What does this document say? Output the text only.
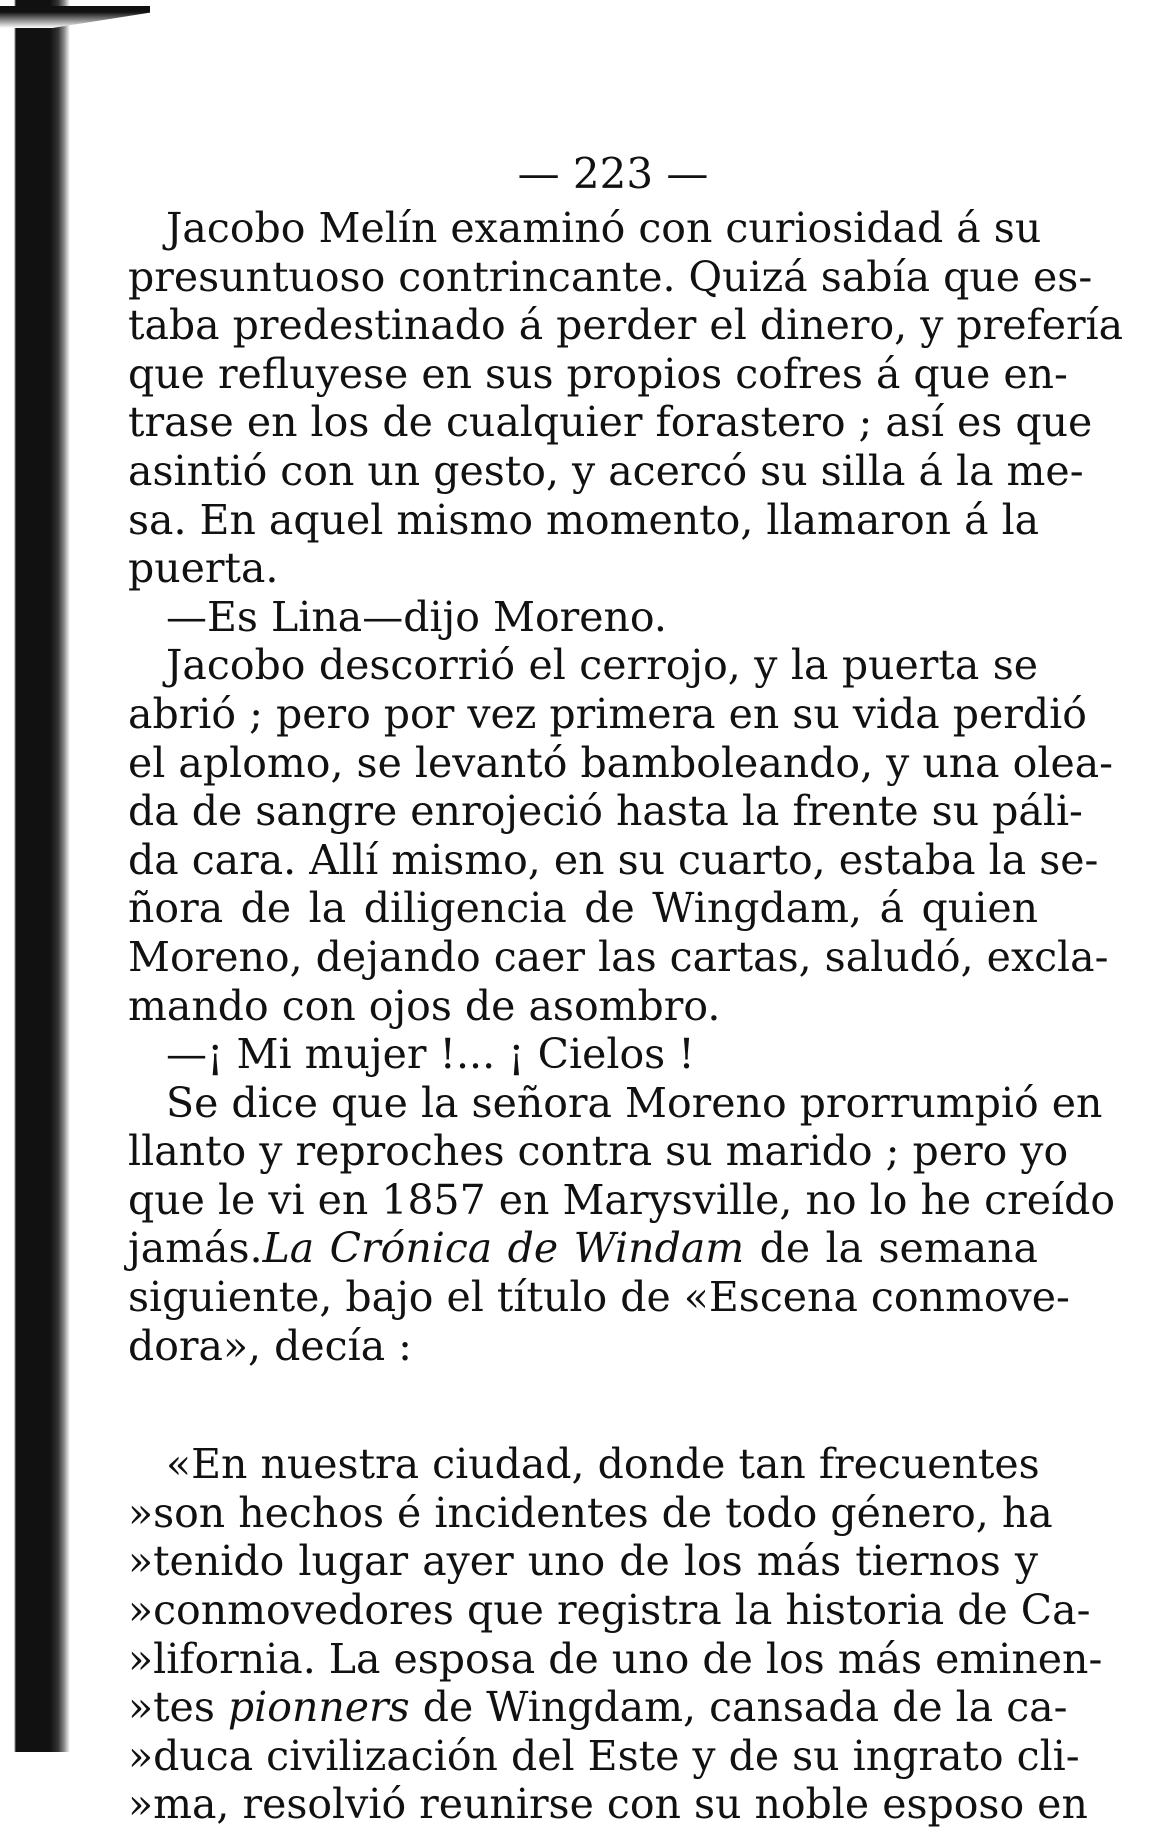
— 223 —
Jacobo Melín examinó con curiosidad á su
presuntuoso contrincante. Quizá sabía que es-
taba predestinado á perder el dinero, y prefería
que refluyese en sus propios cofres á que en-
trase en los de cualquier forastero ; así es que
asintió con un gesto, y acercó su silla á la me-
sa. En aquel mismo momento, llamaron á la
puerta.
—Es Lina—dijo Moreno.
Jacobo descorrió el cerrojo, y la puerta se
abrió ; pero por vez primera en su vida perdió
el aplomo, se levantó bamboleando, y una olea-
da de sangre enrojeció hasta la frente su páli-
da cara. Allí mismo, en su cuarto, estaba la se-
ñora de la diligencia de Wingdam, á quien
Moreno, dejando caer las cartas, saludó, excla-
mando con ojos de asombro.
—¡ Mi mujer !... ¡ Cielos !
Se dice que la señora Moreno prorrumpió en
llanto y reproches contra su marido ; pero yo
que le vi en 1857 en Marysville, no lo he creído
jamás.La Crónica de Windam de la semana
siguiente, bajo el título de «Escena conmove-
dora», decía :
«En nuestra ciudad, donde tan frecuentes
»son hechos é incidentes de todo género, ha
»tenido lugar ayer uno de los más tiernos y
»conmovedores que registra la historia de Ca-
»lifornia. La esposa de uno de los más eminen-
»tes pionners de Wingdam, cansada de la ca-
»duca civilización del Este y de su ingrato cli-
»ma, resolvió reunirse con su noble esposo en
